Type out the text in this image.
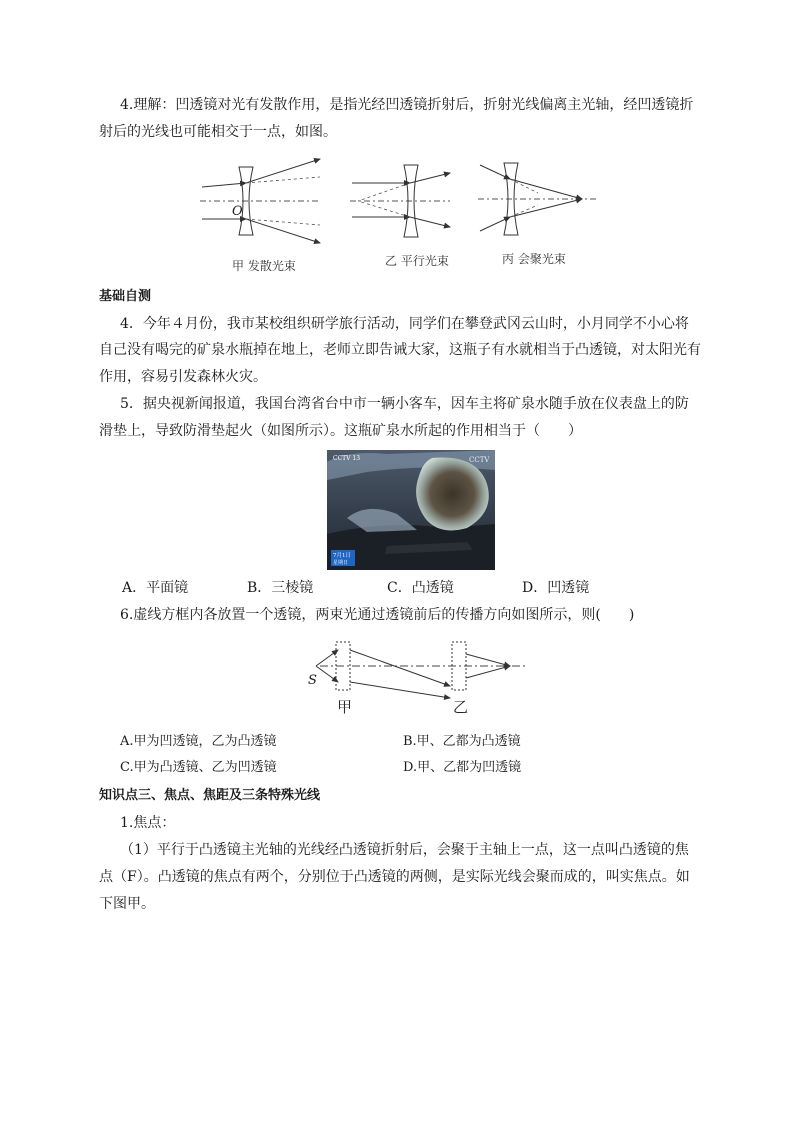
4.理解：凹透镜对光有发散作用，是指光经凹透镜折射后，折射光线偏离主光轴，经凹透镜折
射后的光线也可能相交于一点，如图。
O
甲 发散光束	乙 平行光束	丙 会聚光束
基础自测
4．今年４月份，我市某校组织研学旅行活动，同学们在攀登武冈云山时，小月同学不小心将
自己没有喝完的矿泉水瓶掉在地上，老师立即告诫大家，这瓶子有水就相当于凸透镜，对太阳光有
作用，容易引发森林火灾。
5．据央视新闻报道，我国台湾省台中市一辆小客车，因车主将矿泉水随手放在仪表盘上的防
滑垫上，导致防滑垫起火（如图所示）。这瓶矿泉水所起的作用相当于（　　）
CCTV 13	CCTV
7月1日
星期日
A．平面镜	B．三棱镜	C．凸透镜	D．凹透镜
6.虚线方框内各放置一个透镜，两束光通过透镜前后的传播方向如图所示，则(　　)
S
甲	乙
A.甲为凹透镜，乙为凸透镜	B.甲、乙都为凸透镜
C.甲为凸透镜、乙为凹透镜	D.甲、乙都为凹透镜
知识点三、焦点、焦距及三条特殊光线
1.焦点：
（1）平行于凸透镜主光轴的光线经凸透镜折射后，会聚于主轴上一点，这一点叫凸透镜的焦
点（F）。凸透镜的焦点有两个，分别位于凸透镜的两侧，是实际光线会聚而成的，叫实焦点。如
下图甲。
